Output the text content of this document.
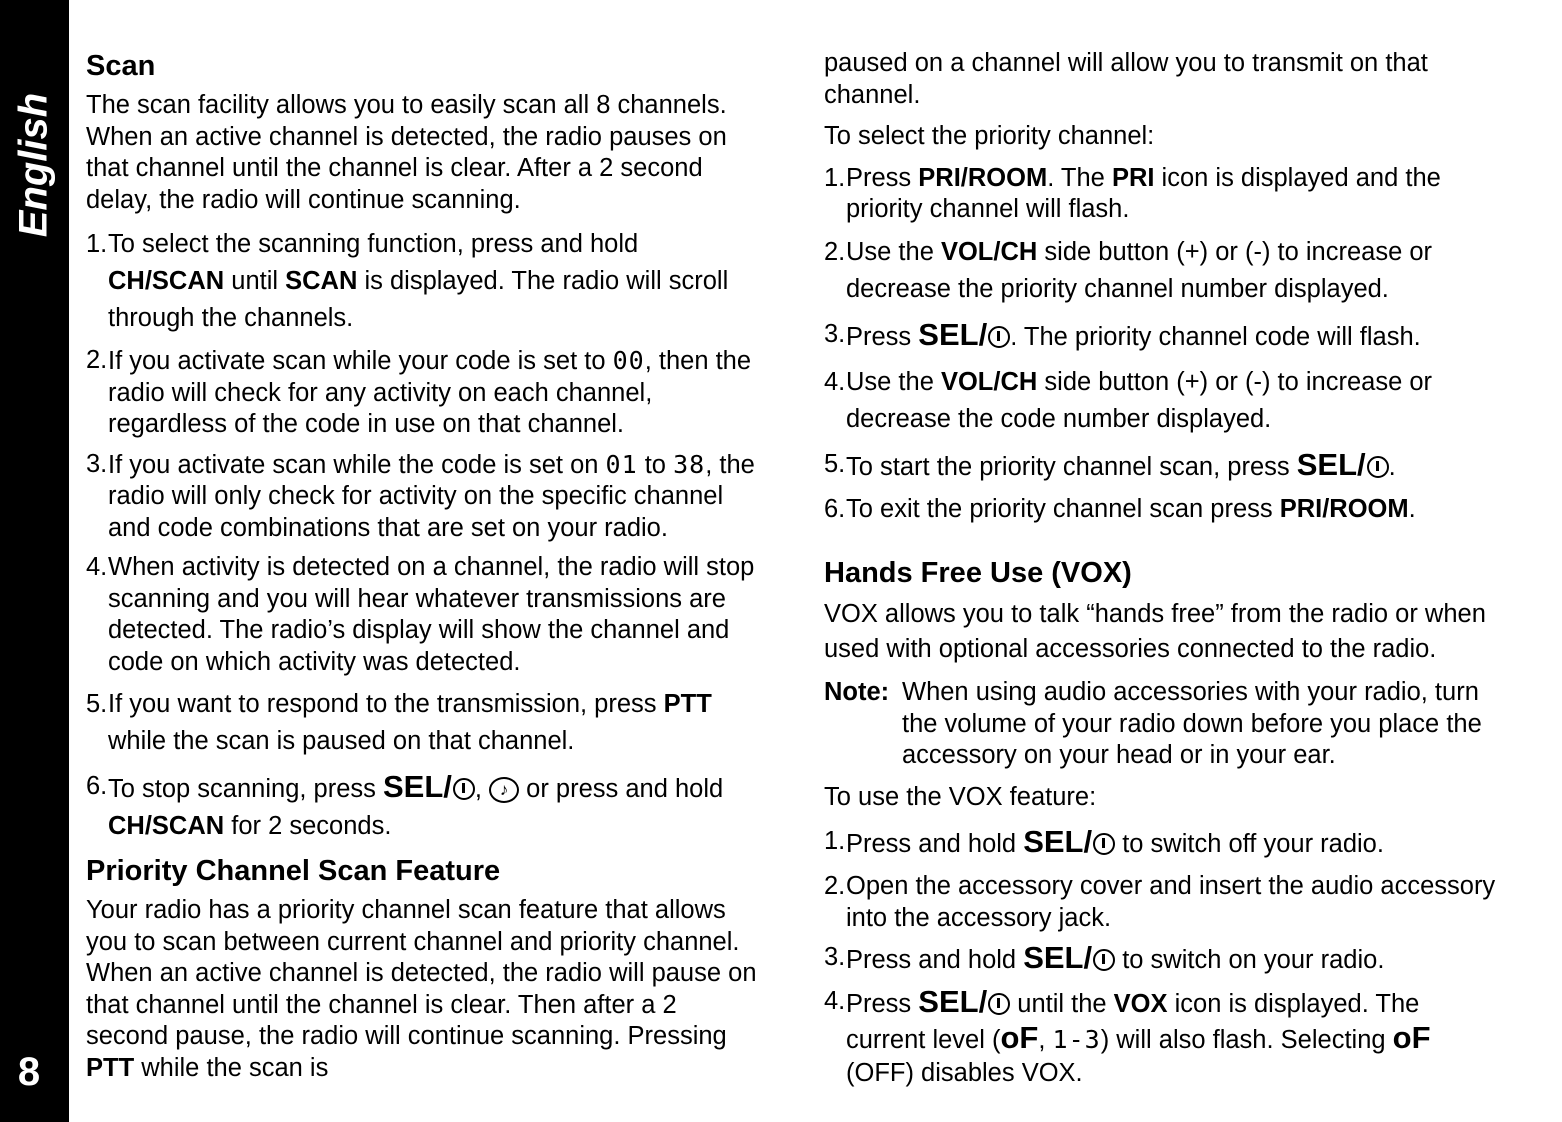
English
8
Scan

The scan facility allows you to easily scan all 8 channels. When an active channel is detected, the radio pauses on that channel until the channel is clear. After a 2 second delay, the radio will continue scanning.

1. To select the scanning function, press and hold CH/SCAN until SCAN is displayed. The radio will scroll through the channels.
2. If you activate scan while your code is set to 00, then the radio will check for any activity on each channel, regardless of the code in use on that channel.
3. If you activate scan while the code is set on 01 to 38, the radio will only check for activity on the specific channel and code combinations that are set on your radio.
4. When activity is detected on a channel, the radio will stop scanning and you will hear whatever transmissions are detected. The radio’s display will show the channel and code on which activity was detected.
5. If you want to respond to the transmission, press PTT while the scan is paused on that channel.
6. To stop scanning, press SEL/ , ♪ or press and hold CH/SCAN for 2 seconds.
Priority Channel Scan Feature

Your radio has a priority channel scan feature that allows you to scan between current channel and priority channel. When an active channel is detected, the radio will pause on that channel until the channel is clear. Then after a 2 second pause, the radio will continue scanning. Pressing PTT while the scan is

paused on a channel will allow you to transmit on that channel.

To select the priority channel:

1. Press PRI/ROOM. The PRI icon is displayed and the priority channel will flash.
2. Use the VOL/CH side button (+) or (-) to increase or decrease the priority channel number displayed.
3. Press SEL/ . The priority channel code will flash.
4. Use the VOL/CH side button (+) or (-) to increase or decrease the code number displayed.
5. To start the priority channel scan, press SEL/ .
6. To exit the priority channel scan press PRI/ROOM.
Hands Free Use (VOX)

VOX allows you to talk “hands free” from the radio or when used with optional accessories connected to the radio.

Note: When using audio accessories with your radio, turn the volume of your radio down before you place the accessory on your head or in your ear.

To use the VOX feature:

1. Press and hold SEL/ to switch off your radio.
2. Open the accessory cover and insert the audio accessory into the accessory jack.
3. Press and hold SEL/ to switch on your radio.
4. Press SEL/ until the VOX icon is displayed. The current level (oF, 1-3) will also flash. Selecting oF (OFF) disables VOX.
